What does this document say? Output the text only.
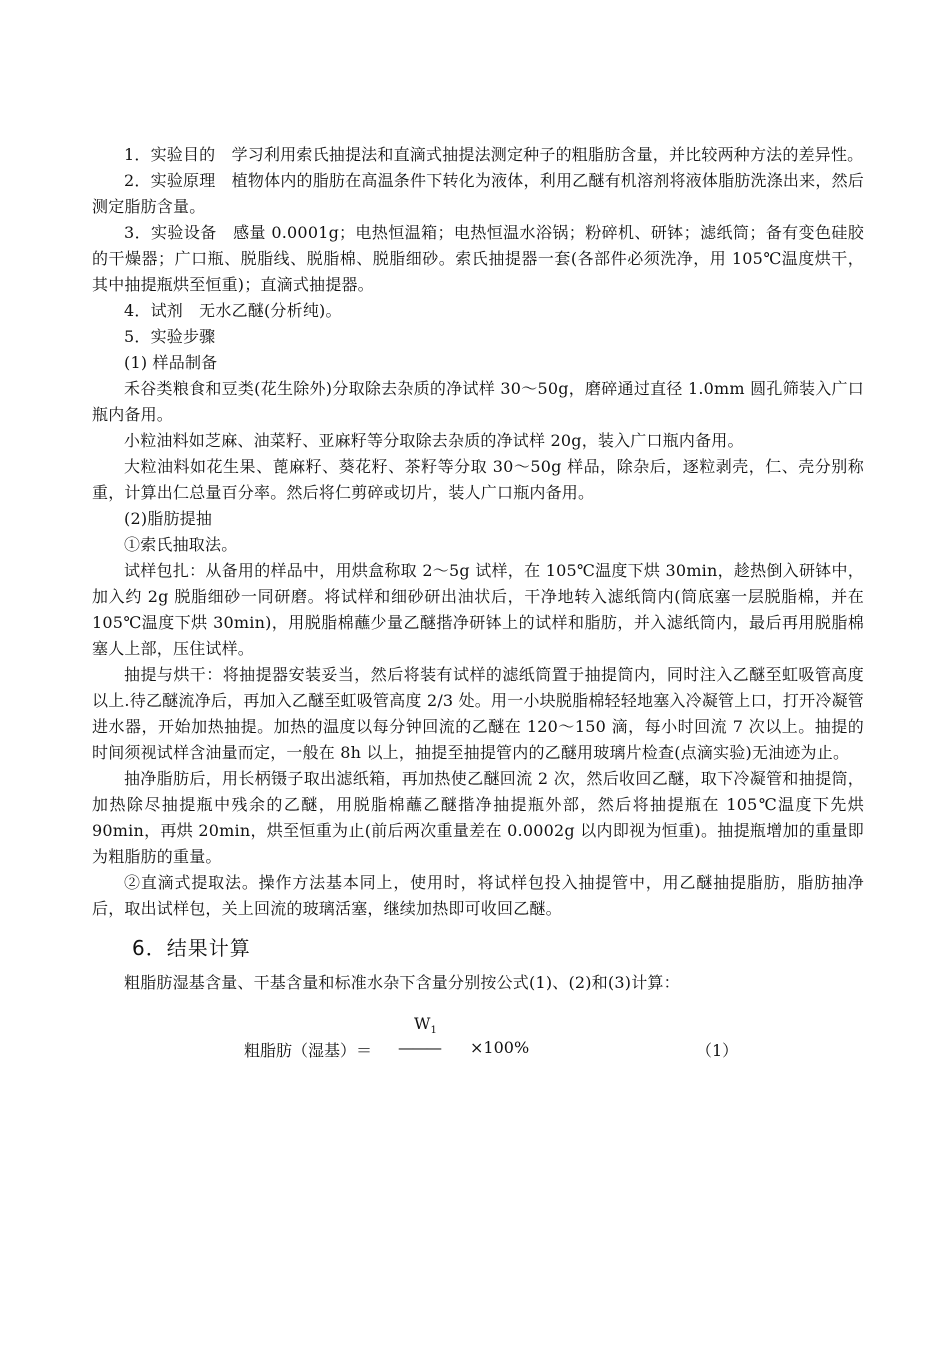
1．实验目的　学习利用索氏抽提法和直滴式抽提法测定种子的粗脂肪含量，并比较两种方法的差异性。

2．实验原理　植物体内的脂肪在高温条件下转化为液体，利用乙醚有机溶剂将液体脂肪洗涤出来，然后测定脂肪含量。

3．实验设备　感量 0.0001g；电热恒温箱；电热恒温水浴锅；粉碎机、研钵；滤纸筒；备有变色硅胶的干燥器；广口瓶、脱脂线、脱脂棉、脱脂细砂。索氏抽提器一套(各部件必须洗净，用 105℃温度烘干，其中抽提瓶烘至恒重)；直滴式抽提器。

4．试剂　无水乙醚(分析纯)。

5．实验步骤

(1) 样品制备

禾谷类粮食和豆类(花生除外)分取除去杂质的净试样 30～50g，磨碎通过直径 1.0mm 圆孔筛装入广口瓶内备用。

小粒油料如芝麻、油菜籽、亚麻籽等分取除去杂质的净试样 20g，装入广口瓶内备用。

大粒油料如花生果、蓖麻籽、葵花籽、茶籽等分取 30～50g 样品，除杂后，逐粒剥壳，仁、壳分别称重，计算出仁总量百分率。然后将仁剪碎或切片，装人广口瓶内备用。

(2)脂肪提抽

①索氏抽取法。

试样包扎：从备用的样品中，用烘盒称取 2～5g 试样，在 105℃温度下烘 30min，趁热倒入研钵中，加入约 2g 脱脂细砂一同研磨。将试样和细砂研出油状后，干净地转入滤纸筒内(筒底塞一层脱脂棉，并在 105℃温度下烘 30min)，用脱脂棉蘸少量乙醚揩净研钵上的试样和脂肪，并入滤纸筒内，最后再用脱脂棉塞人上部，压住试样。

抽提与烘干：将抽提器安装妥当，然后将装有试样的滤纸筒置于抽提筒内，同时注入乙醚至虹吸管高度以上.待乙醚流净后，再加入乙醚至虹吸管高度 2/3 处。用一小块脱脂棉轻轻地塞入冷凝管上口，打开冷凝管进水器，开始加热抽提。加热的温度以每分钟回流的乙醚在 120～150 滴，每小时回流 7 次以上。抽提的时间须视试样含油量而定，一般在 8h 以上，抽提至抽提管内的乙醚用玻璃片检查(点滴实验)无油迹为止。

抽净脂肪后，用长柄镊子取出滤纸箱，再加热使乙醚回流 2 次，然后收回乙醚，取下冷凝管和抽提筒，加热除尽抽提瓶中残余的乙醚，用脱脂棉蘸乙醚揩净抽提瓶外部，然后将抽提瓶在 105℃温度下先烘 90min，再烘 20min，烘至恒重为止(前后两次重量差在 0.0002g 以内即视为恒重)。抽提瓶增加的重量即为粗脂肪的重量。

②直滴式提取法。操作方法基本同上，使用时，将试样包投入抽提管中，用乙醚抽提脂肪，脂肪抽净后，取出试样包，关上回流的玻璃活塞，继续加热即可收回乙醚。

6．结果计算

粗脂肪湿基含量、干基含量和标准水杂下含量分别按公式(1)、(2)和(3)计算：

$W_1$
粗脂肪（湿基）＝ ——— ×100%	（1）
